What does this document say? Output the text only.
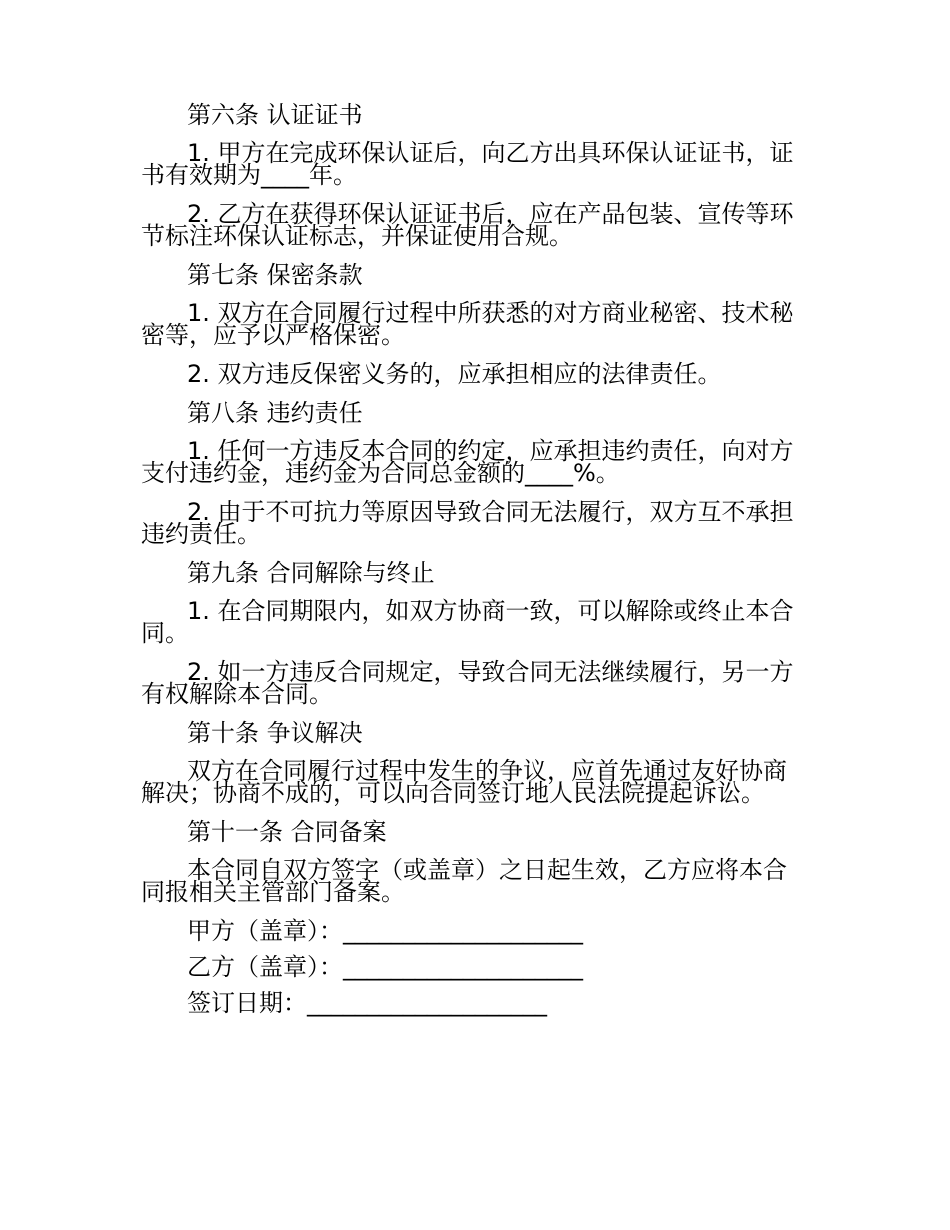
第六条 认证证书
1. 甲方在完成环保认证后，向乙方出具环保认证证书，证
书有效期为____年。
2. 乙方在获得环保认证证书后，应在产品包装、宣传等环
节标注环保认证标志，并保证使用合规。
第七条 保密条款
1. 双方在合同履行过程中所获悉的对方商业秘密、技术秘
密等，应予以严格保密。
2. 双方违反保密义务的，应承担相应的法律责任。
第八条 违约责任
1. 任何一方违反本合同的约定，应承担违约责任，向对方
支付违约金，违约金为合同总金额的____%。
2. 由于不可抗力等原因导致合同无法履行，双方互不承担
违约责任。
第九条 合同解除与终止
1. 在合同期限内，如双方协商一致，可以解除或终止本合
同。
2. 如一方违反合同规定，导致合同无法继续履行，另一方
有权解除本合同。
第十条 争议解决
双方在合同履行过程中发生的争议，应首先通过友好协商
解决；协商不成的，可以向合同签订地人民法院提起诉讼。
第十一条 合同备案
本合同自双方签字（或盖章）之日起生效，乙方应将本合
同报相关主管部门备案。
甲方（盖章）：____________________
乙方（盖章）：____________________
签订日期：____________________
